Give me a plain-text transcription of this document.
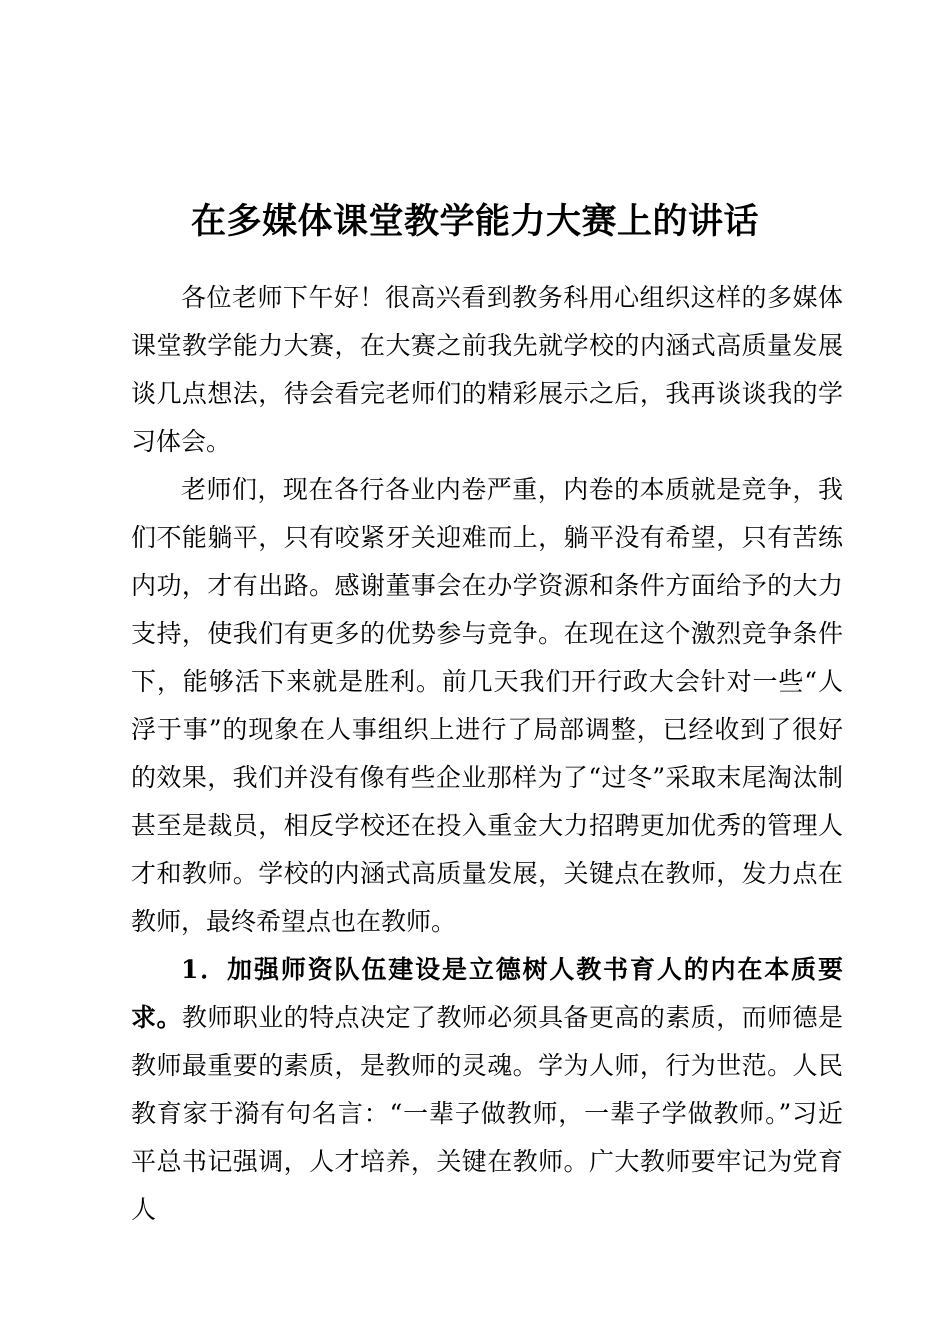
在多媒体课堂教学能力大赛上的讲话

各位老师下午好！很高兴看到教务科用心组织这样的多媒体课堂教学能力大赛，在大赛之前我先就学校的内涵式高质量发展谈几点想法，待会看完老师们的精彩展示之后，我再谈谈我的学习体会。

老师们，现在各行各业内卷严重，内卷的本质就是竞争，我们不能躺平，只有咬紧牙关迎难而上，躺平没有希望，只有苦练内功，才有出路。感谢董事会在办学资源和条件方面给予的大力支持，使我们有更多的优势参与竞争。在现在这个激烈竞争条件下，能够活下来就是胜利。前几天我们开行政大会针对一些“人浮于事”的现象在人事组织上进行了局部调整，已经收到了很好的效果，我们并没有像有些企业那样为了“过冬”采取末尾淘汰制甚至是裁员，相反学校还在投入重金大力招聘更加优秀的管理人才和教师。学校的内涵式高质量发展，关键点在教师，发力点在教师，最终希望点也在教师。

1．加强师资队伍建设是立德树人教书育人的内在本质要求。教师职业的特点决定了教师必须具备更高的素质，而师德是教师最重要的素质，是教师的灵魂。学为人师，行为世范。人民教育家于漪有句名言：“一辈子做教师，一辈子学做教师。”习近平总书记强调，人才培养，关键在教师。广大教师要牢记为党育人
